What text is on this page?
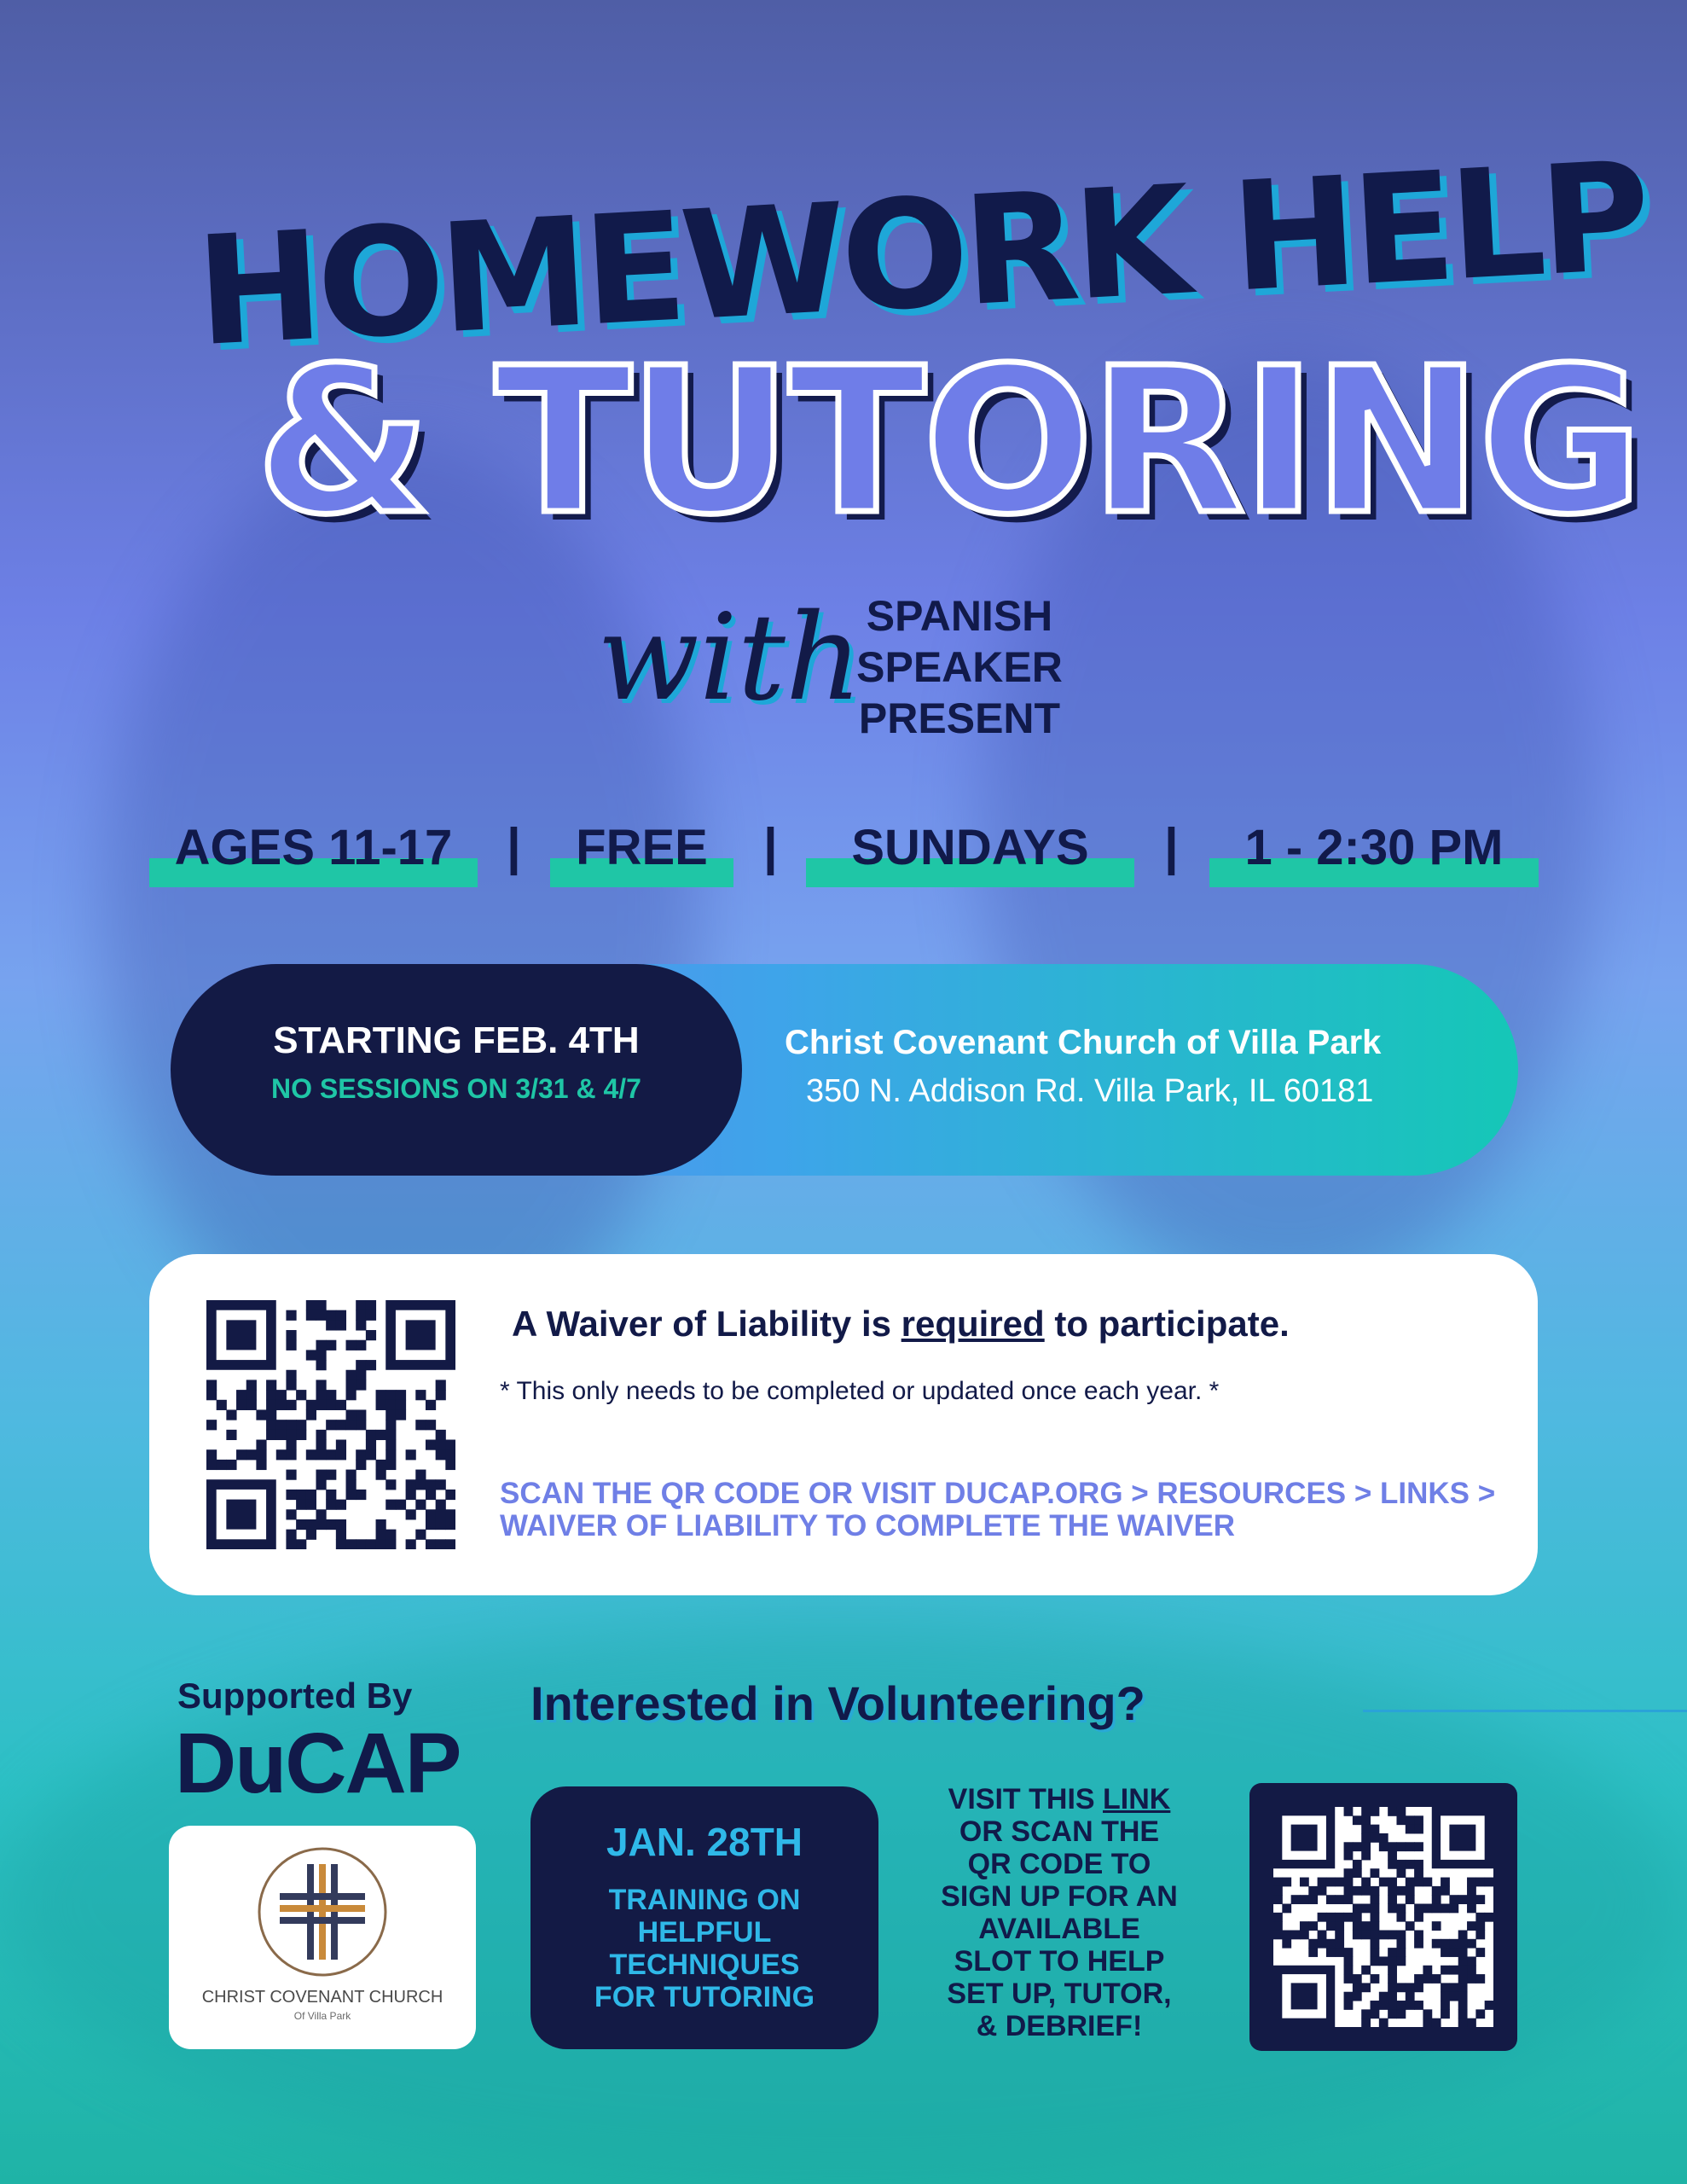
HOMEWORK HELP
& TUTORING
with SPANISH
SPEAKER
PRESENT
AGES 11-17	|	FREE	|	SUNDAYS	|	1 - 2:30 PM
STARTING FEB. 4TH
NO SESSIONS ON 3/31 & 4/7
Christ Covenant Church of Villa Park
350 N. Addison Rd. Villa Park, IL 60181
A Waiver of Liability is required to participate.
* This only needs to be completed or updated once each year. *
SCAN THE QR CODE OR VISIT DUCAP.ORG > RESOURCES > LINKS > WAIVER OF LIABILITY TO COMPLETE THE WAIVER
Supported By
DuCAP
CHRIST COVENANT CHURCH
Of Villa Park
Interested in Volunteering?
JAN. 28TH
TRAINING ON
HELPFUL
TECHNIQUES
FOR TUTORING
VISIT THIS LINK
OR SCAN THE
QR CODE TO
SIGN UP FOR AN
AVAILABLE
SLOT TO HELP
SET UP, TUTOR,
& DEBRIEF!
